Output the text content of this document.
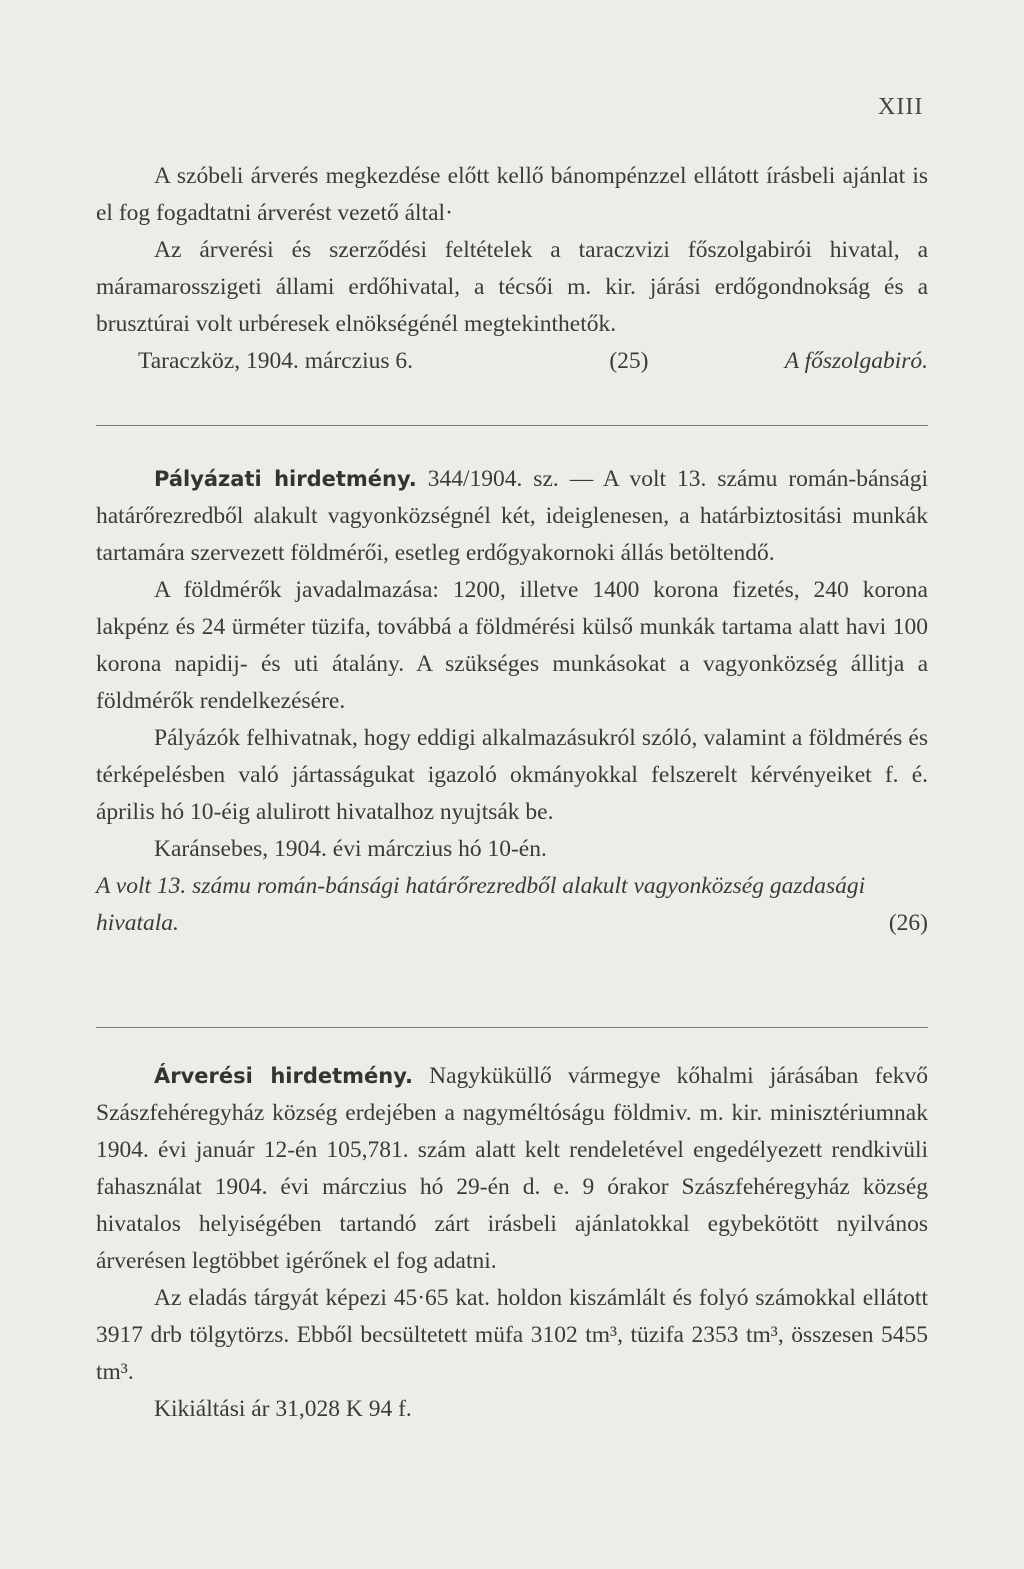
XIII

A szóbeli árverés megkezdése előtt kellő bánompénzzel ellátott írásbeli ajánlat is el fog fogadtatni árverést vezető által·

Az árverési és szerződési feltételek a taraczvizi főszolgabirói hivatal, a máramarosszigeti állami erdőhivatal, a técsői m. kir. járási erdőgondnokság és a brusztúrai volt urbéresek elnökségénél megtekinthetők.

Taraczköz, 1904. márczius 6.	(25)	A főszolgabiró.

Pályázati hirdetmény. 344/1904. sz. — A volt 13. számu román-bánsági határőrezredből alakult vagyonközségnél két, ideiglenesen, a határbiztositási munkák tartamára szervezett földmérői, esetleg erdőgyakornoki állás betöltendő.

A földmérők javadalmazása: 1200, illetve 1400 korona fizetés, 240 korona lakpénz és 24 ürméter tüzifa, továbbá a földmérési külső munkák tartama alatt havi 100 korona napidij- és uti átalány. A szükséges munkásokat a vagyonközség állitja a földmérők rendelkezésére.

Pályázók felhivatnak, hogy eddigi alkalmazásukról szóló, valamint a földmérés és térképelésben való jártasságukat igazoló okmányokkal felszerelt kérvényeiket f. é. április hó 10-éig alulirott hivatalhoz nyujtsák be.

Karánsebes, 1904. évi márczius hó 10-én.

A volt 13. számu román-bánsági határőrezredből alakult vagyonközség gazdasági

hivatala.	(26)

Árverési hirdetmény. Nagyküküllő vármegye kőhalmi járásában fekvő Szászfehéregyház község erdejében a nagyméltóságu földmiv. m. kir. minisztériumnak 1904. évi január 12-én 105,781. szám alatt kelt rendeletével engedélyezett rendkivüli fahasználat 1904. évi márczius hó 29-én d. e. 9 órakor Szászfehéregyház község hivatalos helyiségében tartandó zárt irásbeli ajánlatokkal egybekötött nyilvános árverésen legtöbbet igérőnek el fog adatni.

Az eladás tárgyát képezi 45·65 kat. holdon kiszámlált és folyó számokkal ellátott 3917 drb tölgytörzs. Ebből becsültetett müfa 3102 tm³, tüzifa 2353 tm³, összesen 5455 tm³.

Kikiáltási ár 31,028 K 94 f.
